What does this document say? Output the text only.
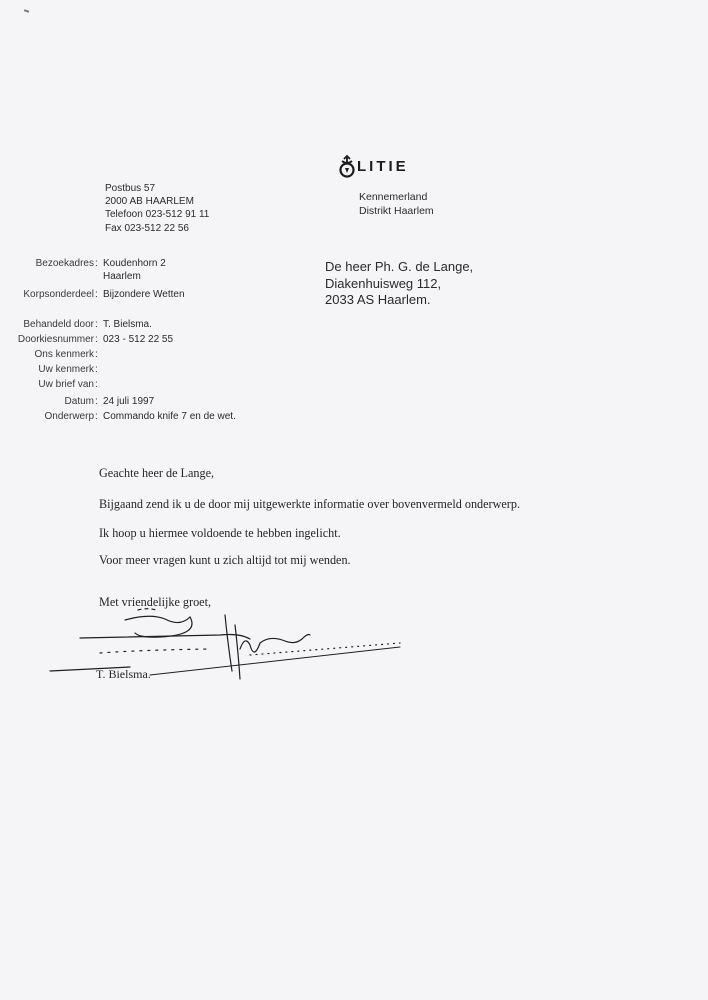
LITIE
Kennemerland
Distrikt Haarlem
Postbus 57
2000 AB HAARLEM
Telefoon 023-512 91 11
Fax 023-512 22 56
Bezoekadres : Koudenhorn 2
Haarlem
Korpsonderdeel : Bijzondere Wetten
Behandeld door : T. Bielsma.
Doorkiesnummer : 023 - 512 22 55
Ons kenmerk :
Uw kenmerk :
Uw brief van :
Datum : 24 juli 1997
Onderwerp : Commando knife 7 en de wet.
De heer Ph. G. de Lange,
Diakenhuisweg 112,
2033 AS Haarlem.
Geachte heer de Lange,
Bijgaand zend ik u de door mij uitgewerkte informatie over bovenvermeld onderwerp.
Ik hoop u hiermee voldoende te hebben ingelicht.
Voor meer vragen kunt u zich altijd tot mij wenden.
Met vriendelijke groet,
T. Bielsma.
